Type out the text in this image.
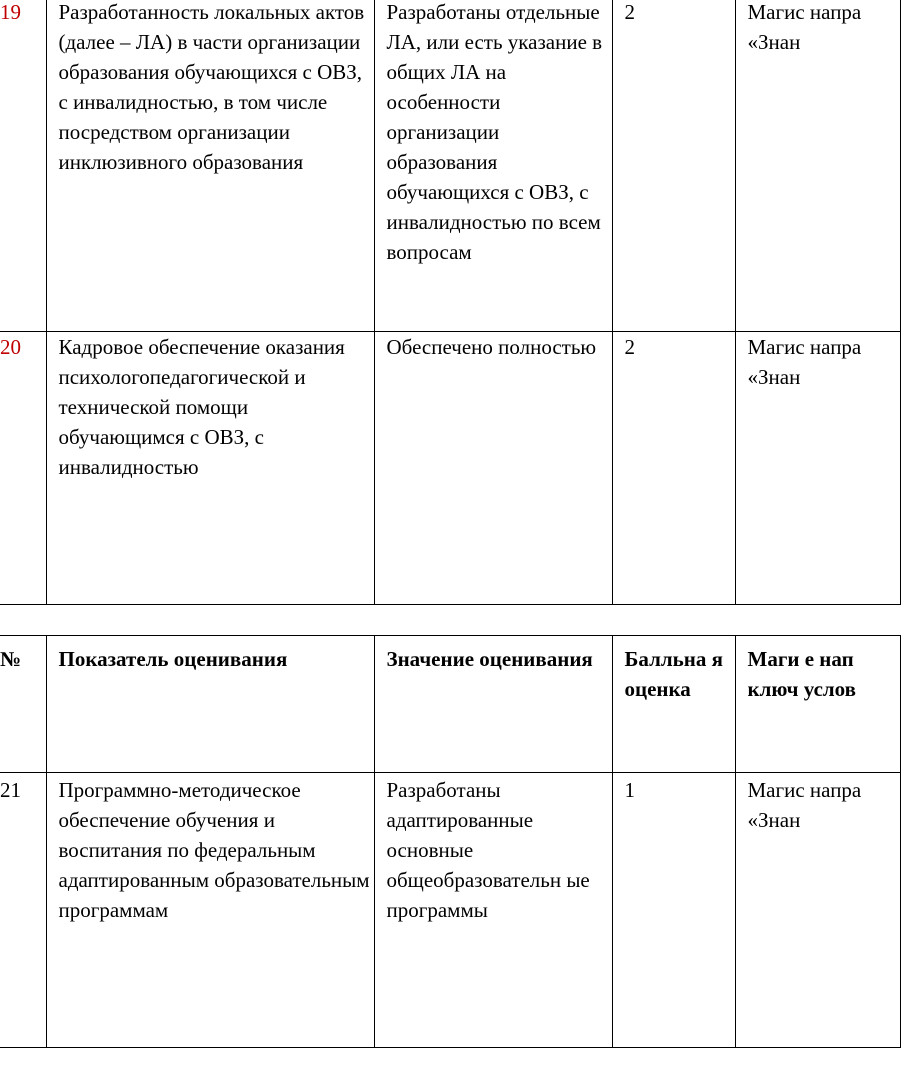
19	Разработанность локальных актов (далее – ЛА) в части организации образования обучающихся с ОВЗ, с инвалидностью, в том числе посредством организации инклюзивного образования	Разработаны отдельные ЛА, или есть указание в общих ЛА на особенности организации образования обучающихся с ОВЗ, с инвалидностью по всем вопросам	2	Магис напра «Знан
20	Кадровое обеспечение оказания психологопедагогической и технической помощи обучающимся с ОВЗ, с инвалидностью	Обеспечено полностью	2	Магис напра «Знан
№	Показатель оценивания	Значение оценивания	Балльна я оценка	Маги е нап ключ услов
21	Программно-методическое обеспечение обучения и воспитания по федеральным адаптированным образовательным программам	Разработаны адаптированные основные общеобразовательн ые программы	1	Магис напра «Знан
